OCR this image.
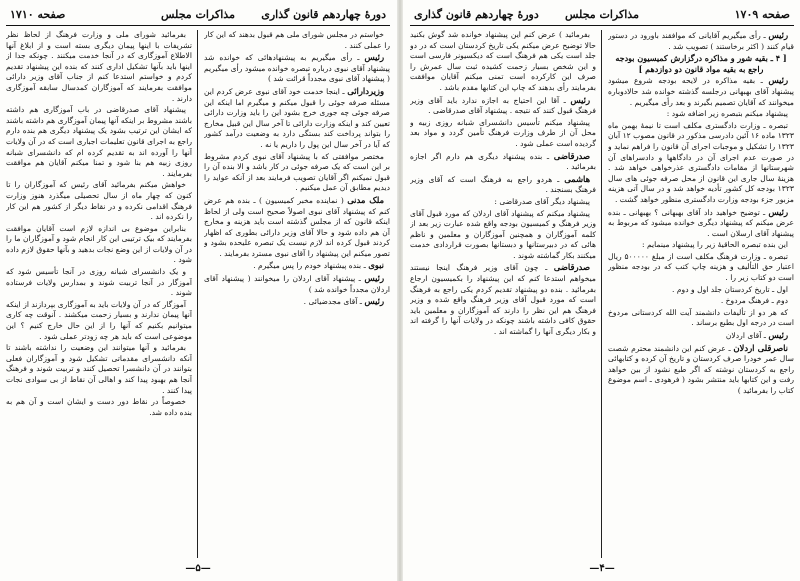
دورهٔ چهاردهم قانون گذاری
مذاکرات مجلس
صفحه ۱۷۱۰

خواستم در مجلس شورای ملی هم قبول بدهند که این کار را عملی کنند .

رئیس ـ رأی میگیریم به پیشنهادهائی که خوانده شد پیشنهاد آقای نبوی درباره تبصره خوانده میشود رأی میگیریم ( پیشنهاد آقای نبوی مجدداً قرائت شد )

وزیردارائی ـ اینجا خدمت خود آقای نبوی عرض کردم این مسئله صرفه جوئی را قبول میکنم و میگیرم اما اینکه این صرفه جوئی چه جوری خرج بشود این را باید وزارت دارائی تعیین کند و اینکه وزارت دارائی تا آخر سال این قبیل مخارج را بتواند پرداخت کند بستگی دارد به وضعیت درآمد کشور که آیا در آخر سال این پول را داریم یا نه .

مختصر موافقتی که با پیشنهاد آقای نبوی کردم مشروط بر این است که یک صرفه جوئی در کار باشد و الا بنده آن را قبول نمیکنم اگر آقایان تصویب فرمایند بعد از آنکه عواید را دیدیم مطابق آن عمل میکنیم .

ملک مدنی ( نماینده مخبر کمیسیون ) ـ بنده هم عرض کنم که پیشنهاد آقای نبوی اصولاً صحیح است ولی از لحاظ اینکه قانون که از مجلس گذشته است باید هزینه و مخارج آن هم داده شود و حالا آقای وزیر دارائی بطوری که اظهار کردند قبول کرده اند لازم نیست یک تبصره علیحده بشود و تصور میکنم این پیشنهاد را آقای نبوی مسترد بفرمایند .

نبوی ـ بنده پیشنهاد خودم را پس میگیرم .

رئیس ـ پیشنهاد آقای اردلان را میخوانند ( پیشنهاد آقای اردلان مجدداً خوانده شد )

رئیس ـ آقای مجدضیائی .

بفرمائید شورای ملی و وزارت فرهنگ از لحاظ نظر تشریفات با اینها پیمان دیگری بسته است و از ابلاغ آنها الاطلاع آموزگاری که در آنجا خدمت میکنند . چونکه جدا از اینها باید بآنها تشکیل اداری کنند که بنده این پیشنهاد تقدیم کردم و خواستم استدعا کنم از جناب آقای وزیر دارائی موافقت بفرمایند که آموزگاران کمدسال سابقه آموزگاری دارند .

پیشنهاد آقای صدرقاضی در باب آموزگاری هم داشته باشند مشروط بر اینکه آنها پیمان آموزگاری هم داشته باشند که ایشان این ترتیب بشود یک پیشنهاد دیگری هم بنده دارم راجع به اجرای قانون تعلیمات اجباری است که در آن ولایات آنها را آورده اند به تقدیم کرده ام که دانشسرای شبانه روزی زبیه هم بنا شود و تمنا میکنم آقایان هم موافقت بفرمایند .

خواهش میکنم بفرمائید آقای رئیس که آموزگاران را تا کنون که چهار ماه از سال تحصیلی میگذرد هنوز وزارت فرهنگ اقدامی نکرده و در نقاط دیگر از کشور هم این کار را نکرده اند .

بنابراین موضوع بی اندازه لازم است آقایان موافقت بفرمایند که بیک ترتیبی این کار انجام شود و آموزگاران ما را در آن ولایات از این وضع نجات بدهید و بآنها حقوق لازم داده شود .

و یک دانشسرای شبانه روزی در آنجا تأسیس شود که آموزگار در آنجا تربیت شوند و بمدارس ولایات فرستاده شوند .

آموزگار که در آن ولایات باید به آموزگاری بپردازند از اینکه آنها پیمان ندارند و بسیار زحمت میکشند . آنوقت چه کاری میتوانیم بکنیم که آنها را از این حال خارج کنیم ؟ این موضوعی است که باید هر چه زودتر عملی شود .

بفرمائید و آنها میتوانند این وضعیت را نداشته باشند تا آنکه دانشسرای مقدماتی تشکیل شود و آموزگاران فعلی بتوانند در آن دانشسرا تحصیل کنند و تربیت شوند و فرهنگ آنجا هم بهبود پیدا کند و اهالی آن نقاط از بی سوادی نجات پیدا کنند .

خصوصاً در نقاط دور دست و ایشان است و آن هم به بنده داده شد.

—۵—
دورهٔ چهاردهم قانون گذاری مذاکرات مجلس	صفحه ۱۷۰۹

رئیس ـ رأی میگیریم آقایانی که موافقند باورود در دستور قیام کنند ( اکثر برخاستند ) تصویب شد .

[ ۴ ـ بقیه شور و مذاکره درگزارش کمیسیون بودجه راجع به بقیه مواد قانون دو دوازدهم ]

رئیس ـ بقیه مذاکره در لایحه بودجه شروع میشود پیشنهاد آقای بهبهانی درجلسه گذشته خوانده شد حالادوباره میخوانند که آقایان تصمیم بگیرند و بعد رأی میگیریم .

پیشنهاد میکنم بتبصره زیر اضافه شود :

تبصره ـ وزارت دادگستری مکلف است تا نیمهٔ بهمن ماه ۱۳۲۳ ماده ۱۶ آئین دادرسی مذکور در قانون مصوب ۱۲ آبان ۱۳۲۳ را تشکیل و موجبات اجرای آن قانون را فراهم نماید و در صورت عدم اجرای آن در دادگاهها و دادسراهای آن شهرستانها از مقامات دادگستری عذرخواهی خواهد شد . هزینهٔ سال جاری این قانون از محل صرفه جوئی های سال ۱۳۲۳ بودجه کل کشور تأدیه خواهد شد و در سال آتی هزینه مزبور جزء بودجه وزارت دادگستری منظور خواهد گشت .

رئیس ـ توضیح خواهید داد آقای بهبهانی ؟ بهبهانی ـ بنده عرض میکنم که پیشنهاد دیگری خوانده میشود که مربوط به پیشنهاد آقای ارسلان است .

این بنده تبصره الحاقیهٔ زیر را پیشنهاد مینمایم :

تبصره ـ وزارت فرهنگ مکلف است از مبلغ ۵۰۰۰۰۰ ریال اعتبار حق التألیف و هزینه چاپ کتب که در بودجه منظور است دو کتاب زیر را .

اول ـ تاریخ کردستان جلد اول و دوم .

دوم ـ فرهنگ مردوخ .

که هر دو از تألیفات دانشمند آیت الله کردستانی مردوخ است در درجه اول بطبع برساند .

رئیس ـ آقای اردلان

ناصرقلی اردلان ـ عرض کنم این دانشمند محترم شصت سال عمر خودرا صرف کردستان و تاریخ آن کرده و کتابهائی راجع به کردستان نوشته که اگر طبع نشود از بین خواهد رفت و این کتابها باید منتشر بشود ( فرهودی ـ اسم موضوع کتاب را بفرمائید )

بفرمائید ) عرض کنم این پیشنهاد خوانده شد گوش بکنید حالا توضیح عرض میکنم یکی تاریخ کردستان است که در دو جلد است یکی هم فرهنگ است که دیکسیونر فارسی است و این شخص بسیار زحمت کشیده ثبت سال عمرش را صرف این کارکرده است تمنی میکنم آقایان موافقت بفرمایند رأی بدهند که چاپ این کتابها مقدم باشد .

رئیس ـ آقا این احتیاج به اجازه ندارد باید آقای وزیر فرهنگ قبول کنند که نتیجه . پیشنهاد آقای صدرقاضی .

پیشنهاد میکنم تأسیس دانشسرای شبانه روزی زبیه و محل آن از طرف وزارت فرهنگ تأمین گردد و مواد بعد گردیده است عملی شود .

صدرقاضی ـ بنده پیشنهاد دیگری هم دارم اگر اجازه بفرمائید .

هاشمی ـ هردو راجع به فرهنگ است که آقای وزیر فرهنگ بسنجند .

پیشنهاد دیگر آقای صدرقاضی :

پیشنهاد میکنم که پیشنهاد آقای اردلان که مورد قبول آقای وزیر فرهنگ و کمیسیون بودجه واقع شده عبارت زیر بعد از کلمه آموزگاران و همچنین آموزگاران و معلمین و ناظم هائی که در دبیرستانها و دبستانها بصورت قراردادی خدمت میکنند بکار گماشته شوند .

صدرقاضی ـ چون آقای وزیر فرهنگ اینجا نیستند میخواهم استدعا کنم که این پیشنهاد را بکمیسیون ارجاع بفرمائید . بنده دو پیشنهاد تقدیم کردم یکی راجع به فرهنگ است که مورد قبول آقای وزیر فرهنگ واقع شده و وزیر فرهنگ هم این نظر را دارند که آموزگاران و معلمین باید حقوق کافی داشته باشند چونکه در ولایات آنها را گرفته اند و بکار دیگری آنها را گماشته اند .

—۴—
